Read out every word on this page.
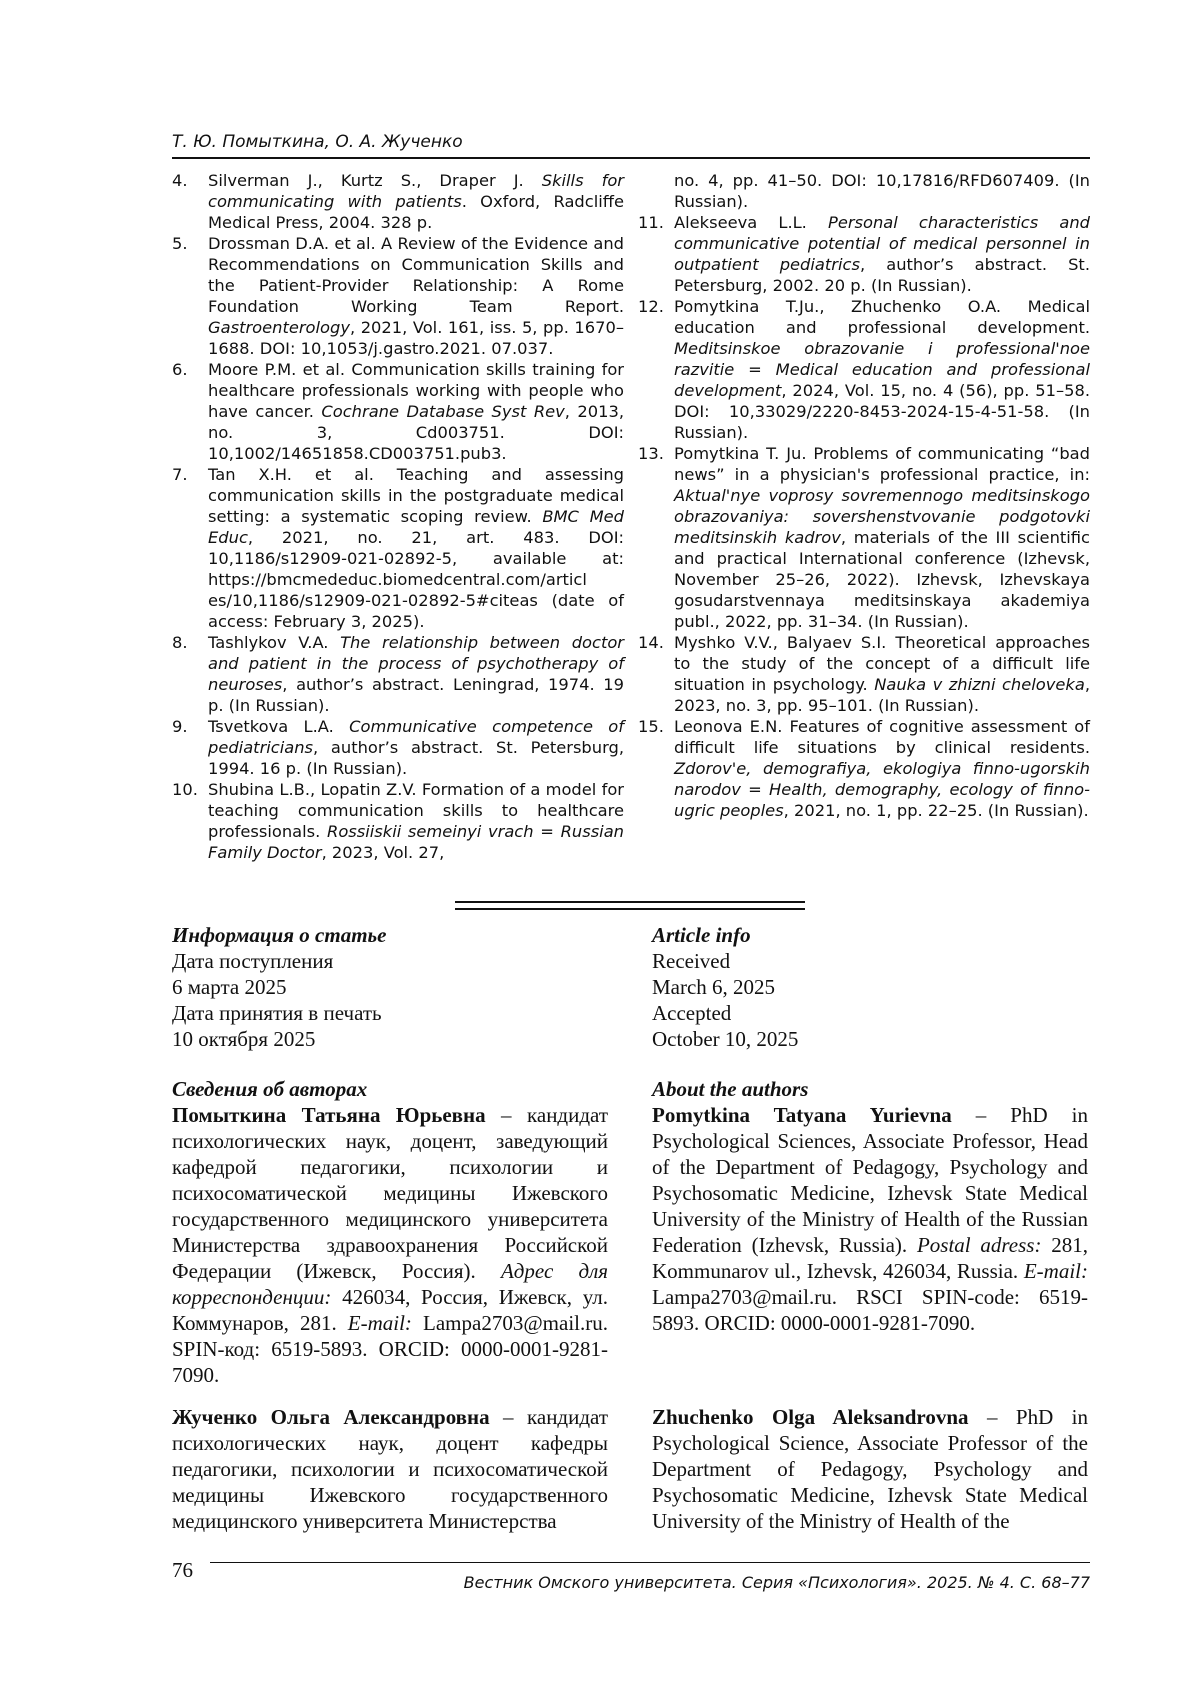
Т. Ю. Помыткина, О. А. Жученко
4.	Silverman J., Kurtz S., Draper J. Skills for communicating with patients. Oxford, Radcliffe Medical Press, 2004. 328 p.
5.	Drossman D.A. et al. A Review of the Evidence and Recommendations on Communication Skills and the Patient-Provider Relationship: A Rome Foundation Working Team Report. Gastroenterology, 2021, Vol. 161, iss. 5, pp. 1670–1688. DOI: 10,1053/j.gastro.2021. 07.037.
6.	Moore P.M. et al. Communication skills training for healthcare professionals working with people who have cancer. Cochrane Database Syst Rev, 2013, no. 3, Cd003751. DOI: 10,1002/14651858.CD003751.pub3.
7.	Tan X.H. et al. Teaching and assessing communication skills in the postgraduate medical setting: a systematic scoping review. BMC Med Educ, 2021, no. 21, art. 483. DOI: 10,1186/s12909-021-02892-5, available at: https://bmcmededuc.biomedcentral.com/articl es/10,1186/s12909-021-02892-5#citeas (date of access: February 3, 2025).
8.	Tashlykov V.A. The relationship between doctor and patient in the process of psychotherapy of neuroses, author’s abstract. Leningrad, 1974. 19 p. (In Russian).
9.	Tsvetkova L.A. Communicative competence of pediatricians, author’s abstract. St. Petersburg, 1994. 16 p. (In Russian).
10. Shubina L.B., Lopatin Z.V. Formation of a model for teaching communication skills to healthcare professionals. Rossiiskii semeinyi vrach = Russian Family Doctor, 2023, Vol. 27,
no. 4, pp. 41–50. DOI: 10,17816/RFD607409. (In Russian).
11. Alekseeva L.L. Personal characteristics and communicative potential of medical personnel in outpatient pediatrics, author’s abstract. St. Petersburg, 2002. 20 p. (In Russian).
12. Pomytkina T.Ju., Zhuchenko O.A. Medical education and professional development. Meditsinskoe obrazovanie i professional'noe razvitie = Medical education and professional development, 2024, Vol. 15, no. 4 (56), pp. 51–58. DOI: 10,33029/2220-8453-2024-15-4-51-58. (In Russian).
13. Pomytkina T. Ju. Problems of communicating “bad news” in a physician's professional practice, in: Aktual'nye voprosy sovremennogo meditsinskogo obrazovaniya: sovershenstvovanie podgotovki meditsinskih kadrov, materials of the III scientific and practical International conference (Izhevsk, November 25–26, 2022). Izhevsk, Izhevskaya gosudarstvennaya meditsinskaya akademiya publ., 2022, pp. 31–34. (In Russian).
14. Myshko V.V., Balyaev S.I. Theoretical approaches to the study of the concept of a difficult life situation in psychology. Nauka v zhizni cheloveka, 2023, no. 3, pp. 95–101. (In Russian).
15. Leonova E.N. Features of cognitive assessment of difficult life situations by clinical residents. Zdorov'e, demografiya, ekologiya finno-ugorskih narodov = Health, demography, ecology of finno-ugric peoples, 2021, no. 1, pp. 22–25. (In Russian).

Информация о статье

Дата поступления

6 марта 2025

Дата принятия в печать

10 октября 2025

Article info

Received

March 6, 2025

Accepted

October 10, 2025

Сведения об авторах

Помыткина Татьяна Юрьевна – кандидат психологических наук, доцент, заведующий кафедрой педагогики, психологии и психосоматической медицины Ижевского государственного медицинского университета Министерства здравоохранения Российской Федерации (Ижевск, Россия). Адрес для корреспонденции: 426034, Россия, Ижевск, ул. Коммунаров, 281. E-mail: Lampa2703@mail.ru. SPIN-код: 6519-5893. ORCID: 0000-0001-9281-7090.

About the authors

Pomytkina Tatyana Yurievna – PhD in Psychological Sciences, Associate Professor, Head of the Department of Pedagogy, Psychology and Psychosomatic Medicine, Izhevsk State Medical University of the Ministry of Health of the Russian Federation (Izhevsk, Russia). Postal adress: 281, Kommunarov ul., Izhevsk, 426034, Russia. E-mail: Lampa2703@mail.ru. RSCI SPIN-code: 6519-5893. ORCID: 0000-0001-9281-7090.

Жученко Ольга Александровна – кандидат психологических наук, доцент кафедры педагогики, психологии и психосоматической медицины Ижевского государственного медицинского университета Министерства
Zhuchenko Olga Aleksandrovna – PhD in Psychological Science, Associate Professor of the Department of Pedagogy, Psychology and Psychosomatic Medicine, Izhevsk State Medical University of the Ministry of Health of the
76
Вестник Омского университета. Серия «Психология». 2025. № 4. С. 68–77
